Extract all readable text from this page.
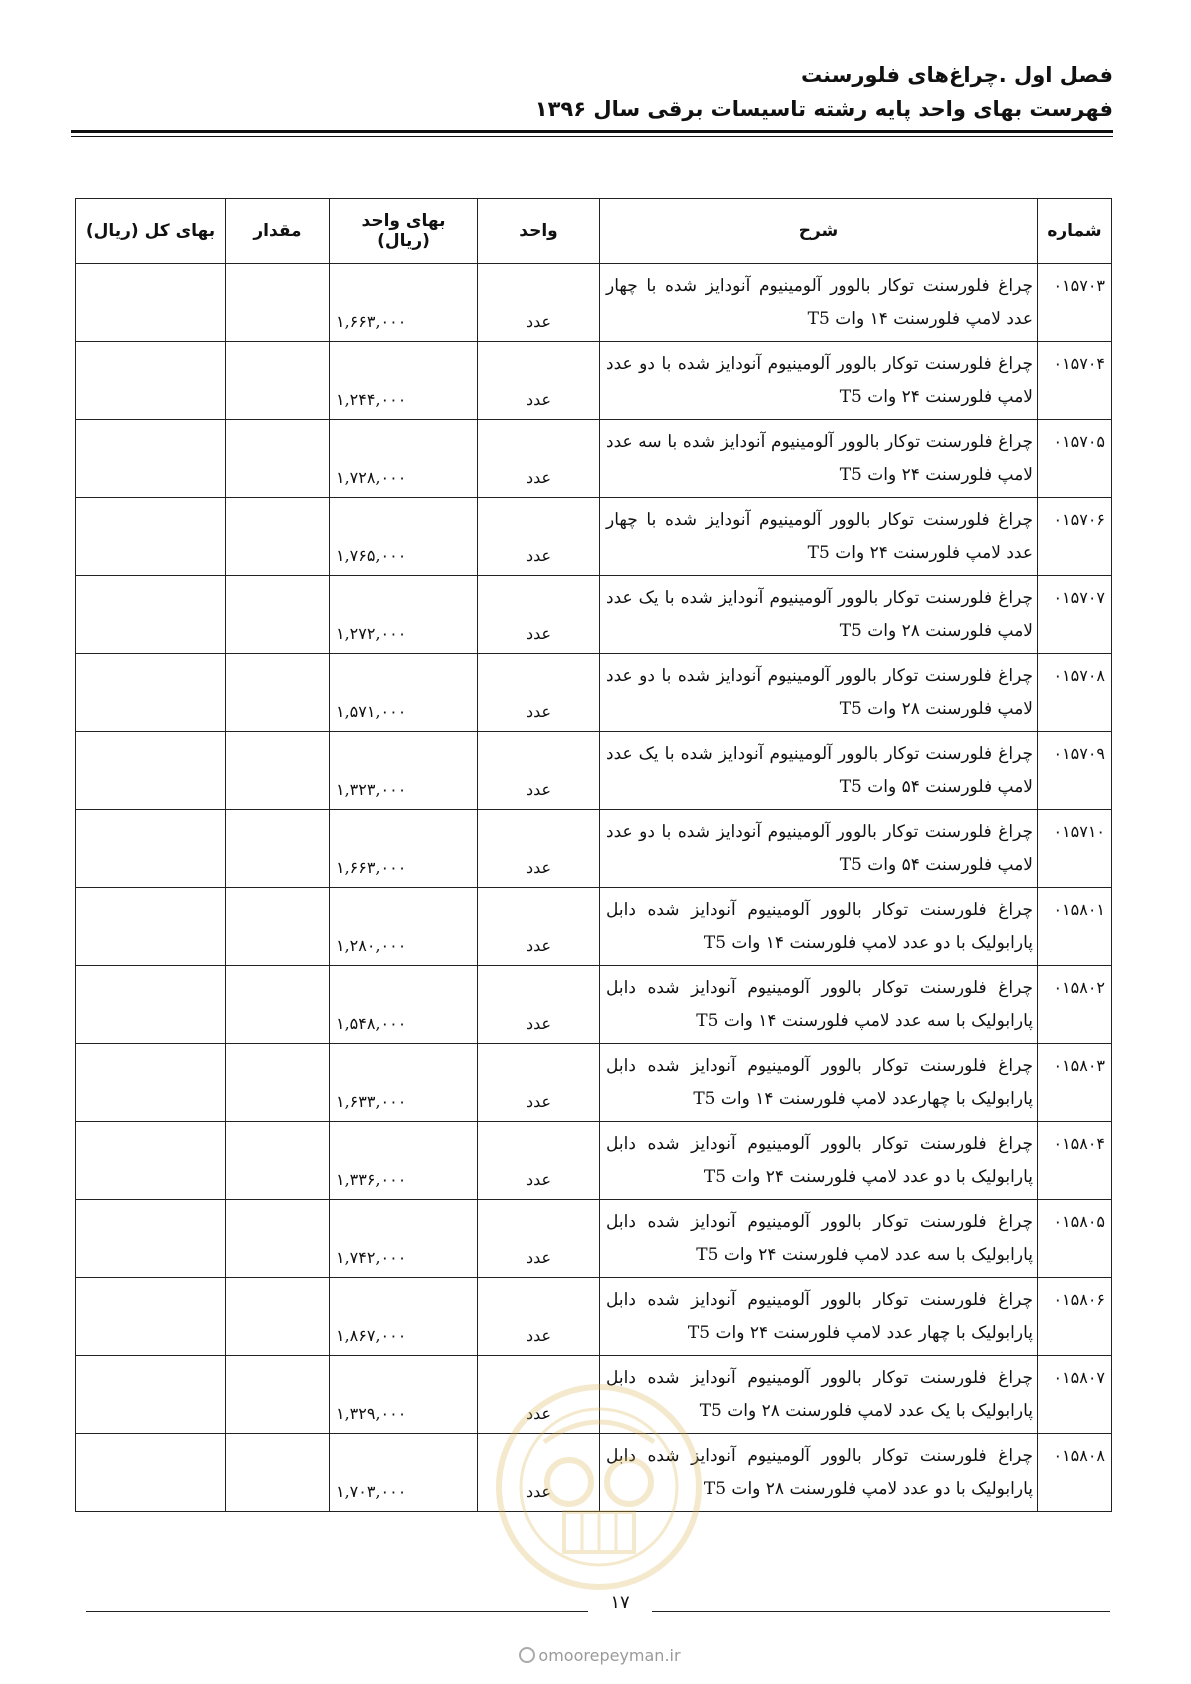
فصل اول .چراغ‌های فلورسنت

فهرست بهای واحد پایه رشته تاسیسات برقی سال ۱۳۹۶

شماره	شرح	واحد	بهای واحد (ریال)	مقدار	بهای کل (ریال)
۰۱۵۷۰۳	چراغ فلورسنت توکار بالوور آلومینیوم آنودایز شده با چهار عدد لامپ فلورسنت ۱۴ وات T5	عدد	۱,۶۶۳,۰۰۰		
۰۱۵۷۰۴	چراغ فلورسنت توکار بالوور آلومینیوم آنودایز شده با دو عدد لامپ فلورسنت ۲۴ وات T5	عدد	۱,۲۴۴,۰۰۰		
۰۱۵۷۰۵	چراغ فلورسنت توکار بالوور آلومینیوم آنودایز شده با سه عدد لامپ فلورسنت ۲۴ وات T5	عدد	۱,۷۲۸,۰۰۰		
۰۱۵۷۰۶	چراغ فلورسنت توکار بالوور آلومینیوم آنودایز شده با چهار عدد لامپ فلورسنت ۲۴ وات T5	عدد	۱,۷۶۵,۰۰۰		
۰۱۵۷۰۷	چراغ فلورسنت توکار بالوور آلومینیوم آنودایز شده با یک عدد لامپ فلورسنت ۲۸ وات T5	عدد	۱,۲۷۲,۰۰۰		
۰۱۵۷۰۸	چراغ فلورسنت توکار بالوور آلومینیوم آنودایز شده با دو عدد لامپ فلورسنت ۲۸ وات T5	عدد	۱,۵۷۱,۰۰۰		
۰۱۵۷۰۹	چراغ فلورسنت توکار بالوور آلومینیوم آنودایز شده با یک عدد لامپ فلورسنت ۵۴ وات T5	عدد	۱,۳۲۳,۰۰۰		
۰۱۵۷۱۰	چراغ فلورسنت توکار بالوور آلومینیوم آنودایز شده با دو عدد لامپ فلورسنت ۵۴ وات T5	عدد	۱,۶۶۳,۰۰۰		
۰۱۵۸۰۱	چراغ فلورسنت توکار بالوور آلومینیوم آنودایز شده دابل پارابولیک با دو عدد لامپ فلورسنت ۱۴ وات T5	عدد	۱,۲۸۰,۰۰۰		
۰۱۵۸۰۲	چراغ فلورسنت توکار بالوور آلومینیوم آنودایز شده دابل پارابولیک با سه عدد لامپ فلورسنت ۱۴ وات T5	عدد	۱,۵۴۸,۰۰۰		
۰۱۵۸۰۳	چراغ فلورسنت توکار بالوور آلومینیوم آنودایز شده دابل پارابولیک با چهارعدد لامپ فلورسنت ۱۴ وات T5	عدد	۱,۶۳۳,۰۰۰		
۰۱۵۸۰۴	چراغ فلورسنت توکار بالوور آلومینیوم آنودایز شده دابل پارابولیک با دو عدد لامپ فلورسنت ۲۴ وات T5	عدد	۱,۳۳۶,۰۰۰		
۰۱۵۸۰۵	چراغ فلورسنت توکار بالوور آلومینیوم آنودایز شده دابل پارابولیک با سه عدد لامپ فلورسنت ۲۴ وات T5	عدد	۱,۷۴۲,۰۰۰		
۰۱۵۸۰۶	چراغ فلورسنت توکار بالوور آلومینیوم آنودایز شده دابل پارابولیک با چهار عدد لامپ فلورسنت ۲۴ وات T5	عدد	۱,۸۶۷,۰۰۰		
۰۱۵۸۰۷	چراغ فلورسنت توکار بالوور آلومینیوم آنودایز شده دابل پارابولیک با یک عدد لامپ فلورسنت ۲۸ وات T5	عدد	۱,۳۲۹,۰۰۰		
۰۱۵۸۰۸	چراغ فلورسنت توکار بالوور آلومینیوم آنودایز شده دابل پارابولیک با دو عدد لامپ فلورسنت ۲۸ وات T5	عدد	۱,۷۰۳,۰۰۰		
۱۷
omoorepeyman.ir
